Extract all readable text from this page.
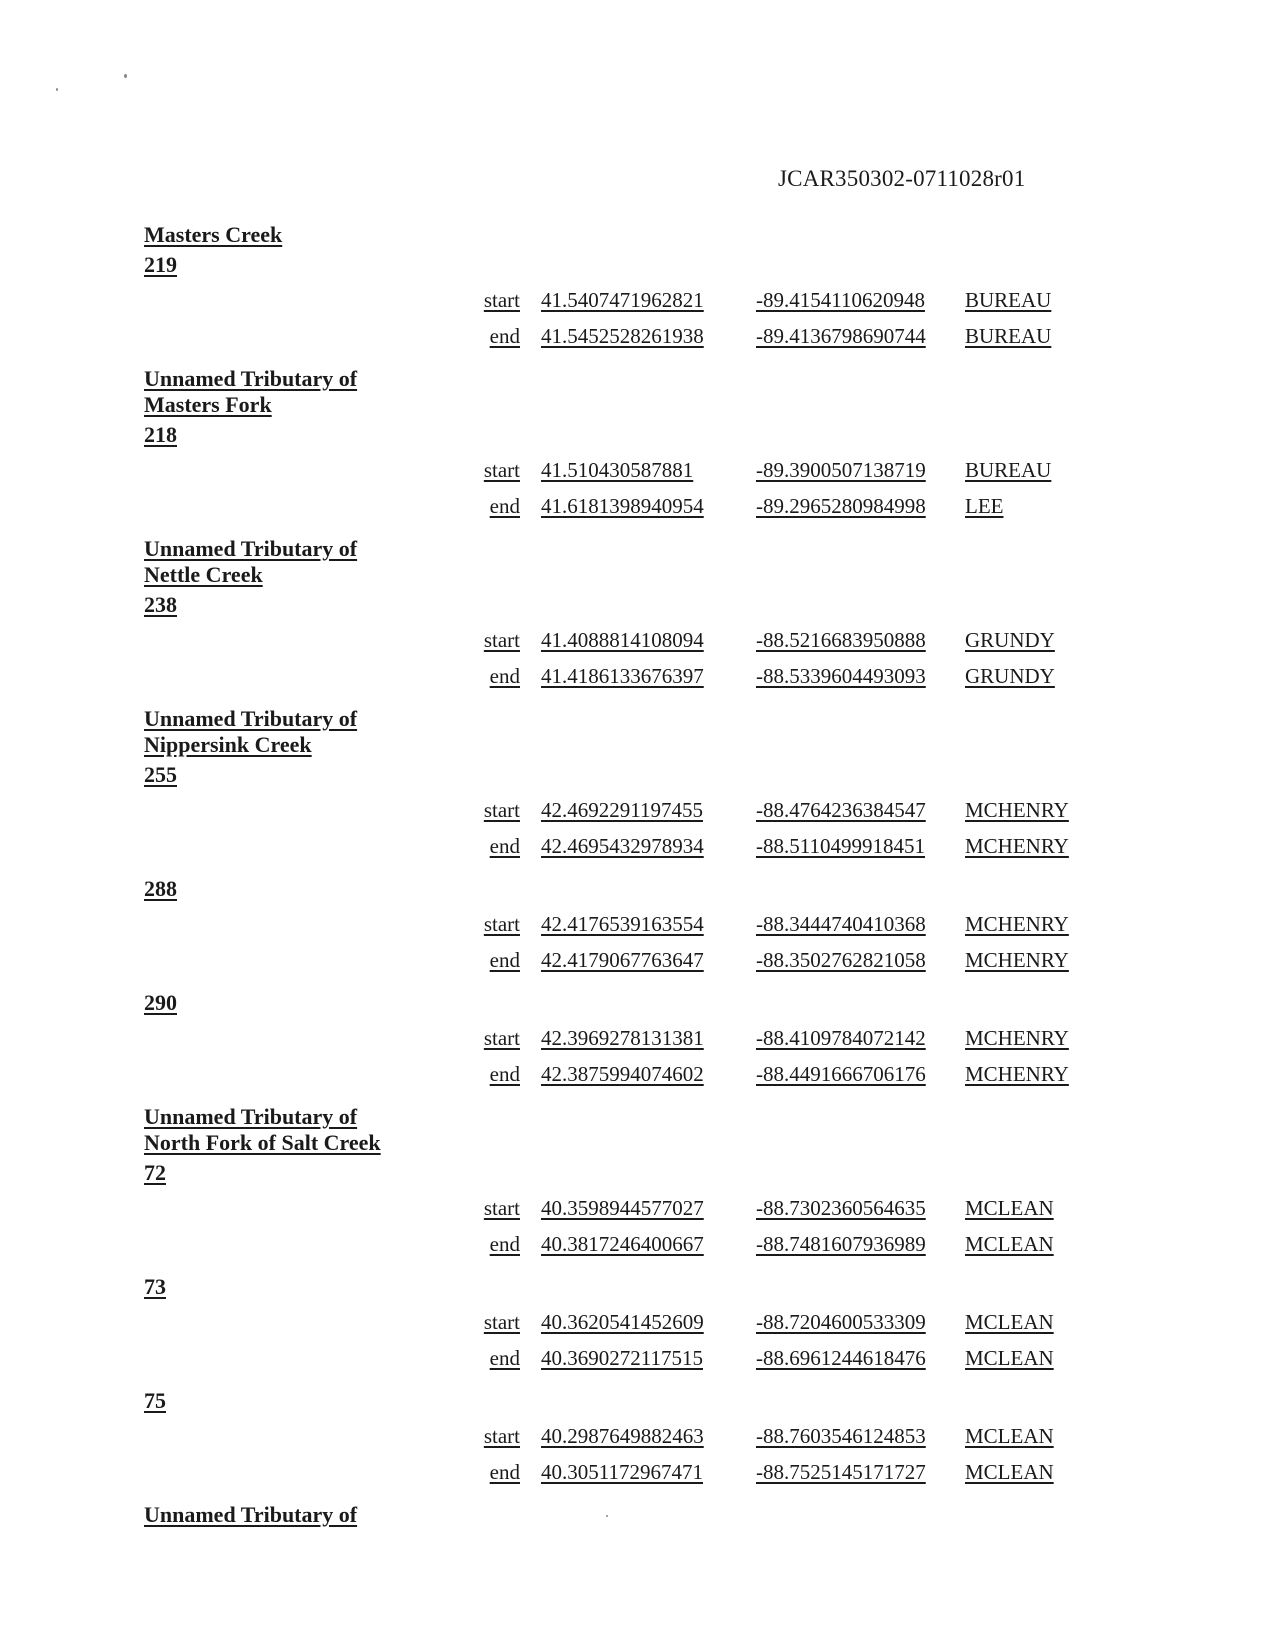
JCAR350302-0711028r01
Masters Creek
219
start 41.5407471962821 -89.4154110620948 BUREAU
end 41.5452528261938 -89.4136798690744 BUREAU
Unnamed Tributary of Masters Fork
218
start 41.510430587881	-89.3900507138719 BUREAU
end 41.6181398940954 -89.2965280984998 LEE
Unnamed Tributary of Nettle Creek
238
start 41.4088814108094 -88.5216683950888 GRUNDY
end 41.4186133676397 -88.5339604493093 GRUNDY
Unnamed Tributary of Nippersink Creek
255
start 42.4692291197455	-88.4764236384547 MCHENRY
end 42.4695432978934 -88.5110499918451 MCHENRY
288
start 42.4176539163554 -88.3444740410368 MCHENRY
end 42.4179067763647 -88.3502762821058 MCHENRY
290
start 42.3969278131381 -88.4109784072142 MCHENRY
end 42.3875994074602 -88.4491666706176 MCHENRY
Unnamed Tributary of North Fork of Salt Creek
72
start 40.3598944577027 -88.7302360564635 MCLEAN
end 40.3817246400667 -88.7481607936989 MCLEAN
73
start 40.3620541452609 -88.7204600533309 MCLEAN
end 40.3690272117515	-88.6961244618476 MCLEAN
75
start 40.2987649882463 -88.7603546124853 MCLEAN
end 40.3051172967471	-88.7525145171727 MCLEAN
Unnamed Tributary of
